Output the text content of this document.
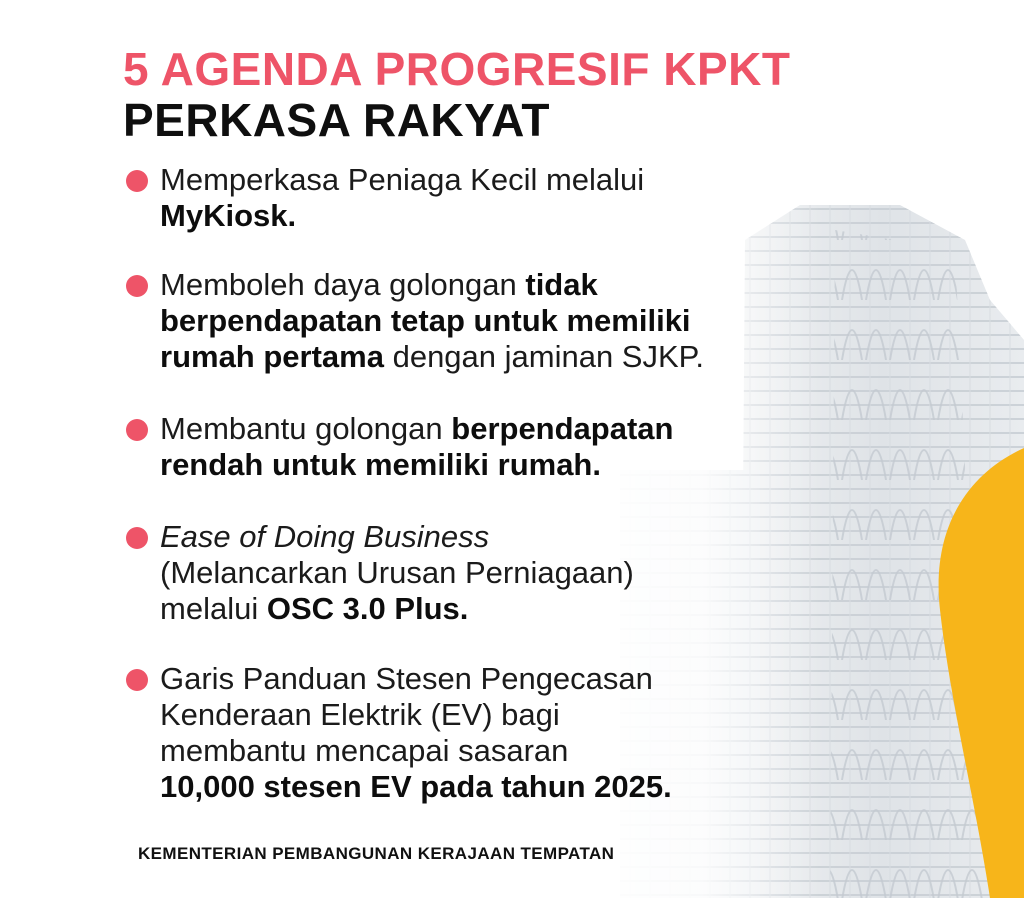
5 AGENDA PROGRESIF KPKT
PERKASA RAKYAT
Memperkasa Peniaga Kecil melalui
MyKiosk.
Memboleh daya golongan tidak
berpendapatan tetap untuk memiliki
rumah pertama dengan jaminan SJKP.
Membantu golongan berpendapatan
rendah untuk memiliki rumah.
Ease of Doing Business
(Melancarkan Urusan Perniagaan)
melalui OSC 3.0 Plus.
Garis Panduan Stesen Pengecasan
Kenderaan Elektrik (EV) bagi
membantu mencapai sasaran
10,000 stesen EV pada tahun 2025.
KEMENTERIAN PEMBANGUNAN KERAJAAN TEMPATAN
